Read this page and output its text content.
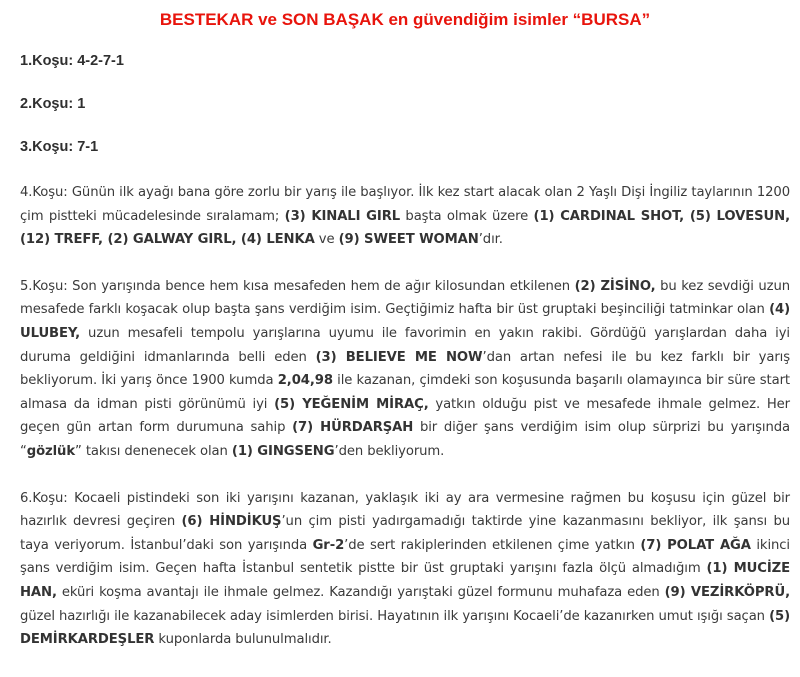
BESTEKAR ve SON BAŞAK en güvendiğim isimler “BURSA”

1.Koşu: 4-2-7-1

2.Koşu: 1

3.Koşu: 7-1

4.Koşu: Günün ilk ayağı bana göre zorlu bir yarış ile başlıyor. İlk kez start alacak olan 2 Yaşlı Dişi İngiliz taylarının 1200 çim pistteki mücadelesinde sıralamam; (3) KINALI GIRL başta olmak üzere (1) CARDINAL SHOT, (5) LOVESUN, (12) TREFF, (2) GALWAY GIRL, (4) LENKA ve (9) SWEET WOMAN’dır.

5.Koşu: Son yarışında bence hem kısa mesafeden hem de ağır kilosundan etkilenen (2) ZİSİNO, bu kez sevdiği uzun mesafede farklı koşacak olup başta şans verdiğim isim. Geçtiğimiz hafta bir üst gruptaki beşinciliği tatminkar olan (4) ULUBEY, uzun mesafeli tempolu yarışlarına uyumu ile favorimin en yakın rakibi. Gördüğü yarışlardan daha iyi duruma geldiğini idmanlarında belli eden (3) BELIEVE ME NOW’dan artan nefesi ile bu kez farklı bir yarış bekliyorum. İki yarış önce 1900 kumda 2,04,98 ile kazanan, çimdeki son koşusunda başarılı olamayınca bir süre start almasa da idman pisti görünümü iyi (5) YEĞENİM MİRAÇ, yatkın olduğu pist ve mesafede ihmale gelmez. Her geçen gün artan form durumuna sahip (7) HÜRDARŞAH bir diğer şans verdiğim isim olup sürprizi bu yarışında “gözlük” takısı denenecek olan (1) GINGSENG’den bekliyorum.

6.Koşu: Kocaeli pistindeki son iki yarışını kazanan, yaklaşık iki ay ara vermesine rağmen bu koşusu için güzel bir hazırlık devresi geçiren (6) HİNDİKUŞ’un çim pisti yadırgamadığı taktirde yine kazanmasını bekliyor, ilk şansı bu taya veriyorum. İstanbul’daki son yarışında Gr-2’de sert rakiplerinden etkilenen çime yatkın (7) POLAT AĞA ikinci şans verdiğim isim. Geçen hafta İstanbul sentetik pistte bir üst gruptaki yarışını fazla ölçü almadığım (1) MUCİZE HAN, eküri koşma avantajı ile ihmale gelmez. Kazandığı yarıştaki güzel formunu muhafaza eden (9) VEZİRKÖPRÜ, güzel hazırlığı ile kazanabilecek aday isimlerden birisi. Hayatının ilk yarışını Kocaeli’de kazanırken umut ışığı saçan (5) DEMİRKARDEŞLER kuponlarda bulunulmalıdır.
